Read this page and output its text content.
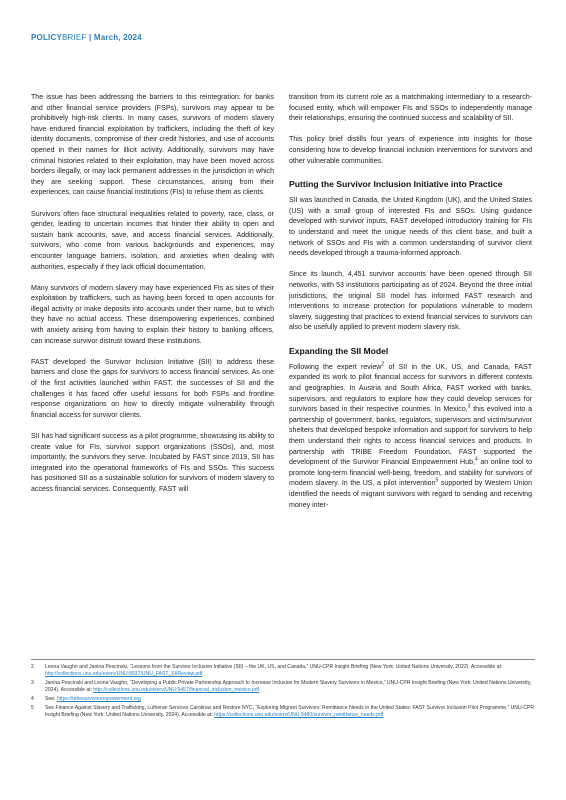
POLICYBRIEF | March, 2024

The issue has been addressing the barriers to this reintegration: for banks and other financial service providers (FSPs), survivors may appear to be prohibitively high-risk clients. In many cases, survivors of modern slavery have endured financial exploitation by traffickers, including the theft of key identity documents, compromise of their credit histories, and use of accounts opened in their names for illicit activity. Additionally, survivors may have criminal histories related to their exploitation, may have been moved across borders illegally, or may lack permanent addresses in the jurisdiction in which they are seeking support. These circumstances, arising from their experiences, can cause financial institutions (FIs) to refuse them as clients.

Survivors often face structural inequalities related to poverty, race, class, or gender, leading to uncertain incomes that hinder their ability to open and sustain bank accounts, save, and access financial services. Additionally, survivors, who come from various backgrounds and experiences, may encounter language barriers, isolation, and anxieties when dealing with authorities, especially if they lack official documentation.

Many survivors of modern slavery may have experienced FIs as sites of their exploitation by traffickers, such as having been forced to open accounts for illegal activity or make deposits into accounts under their name, but to which they have no actual access. These disempowering experiences, combined with anxiety arising from having to explain their history to banking officers, can increase survivor distrust toward these institutions.

FAST developed the Survivor Inclusion Initiative (SII) to address these barriers and close the gaps for survivors to access financial services. As one of the first activities launched within FAST, the successes of SII and the challenges it has faced offer useful lessons for both FSPs and frontline response organizations on how to directly mitigate vulnerability through financial access for survivor clients.

SII has had significant success as a pilot programme, showcasing its ability to create value for FIs, survivor support organizations (SSOs), and, most importantly, the survivors they serve. Incubated by FAST since 2019, SII has integrated into the operational frameworks of FIs and SSOs. This success has positioned SII as a sustainable solution for survivors of modern slavery to access financial services. Consequently, FAST will

transition from its current role as a matchmaking intermediary to a research-focused entity, which will empower FIs and SSOs to independently manage their relationships, ensuring the continued success and scalability of SII.

This policy brief distills four years of experience into insights for those considering how to develop financial inclusion interventions for survivors and other vulnerable communities.

Putting the Survivor Inclusion Initiative into Practice

SII was launched in Canada, the United Kingdom (UK), and the United States (US) with a small group of interested FIs and SSOs. Using guidance developed with survivor inputs, FAST developed introductory training for FIs to understand and meet the unique needs of this client base, and built a network of SSOs and FIs with a common understanding of survivor client needs developed through a trauma-informed approach.

Since its launch, 4,451 survivor accounts have been opened through SII networks, with 53 institutions participating as of 2024. Beyond the three initial jurisdictions, the original SII model has informed FAST research and interventions to increase protection for populations vulnerable to modern slavery, suggesting that practices to extend financial services to survivors can also be usefully applied to prevent modern slavery risk.

Expanding the SII Model

Following the expert review$^2$ of SII in the UK, US, and Canada, FAST expanded its work to pilot financial access for survivors in different contexts and geographies. In Austria and South Africa, FAST worked with banks, supervisors, and regulators to explore how they could develop services for survivors based in their respective countries. In Mexico,$^3$ this evolved into a partnership of government, banks, regulators, supervisors and victim/survivor shelters that developed bespoke information and support for survivors to help them understand their rights to access financial services and products. In partnership with TRIBE Freedom Foundation, FAST supported the development of the Survivor Financial Empowerment Hub,$^4$ an online tool to promote long-term financial well-being, freedom, and stability for survivors of modern slavery. In the US, a pilot intervention$^5$ supported by Western Union identified the needs of migrant survivors with regard to sending and receiving money inter-

2	Leona Vaughn and Janina Pescinski, “Lessons from the Survivor Inclusion Initiative (SII) – the UK, US, and Canada,” UNU-CPR Insight Briefing (New York: United Nations University, 2022). Accessible at: http://collections.unu.edu/eserv/UNU:8937/UNU_FAST_SIIReview.pdf
3	Janina Pescinski and Leona Vaughn, “Developing a Public Private Partnership Approach to Increase Inclusion for Modern Slavery Survivors in Mexico,” UNU-CPR Insight Briefing (New York: United Nations University, 2024). Accessible at: http://collections.unu.edu/eserv/UNU:9457/financial_inclusion_mexico.pdf
4	See: https://tribesurvivorempowerment.org
5	See Finance Against Slavery and Trafficking, Lutheran Services Carolinas and Restore NYC, “Exploring Migrant Survivors’ Remittance Needs in the United States: FAST Survivor Inclusion Pilot Programme,” UNU-CPR Insight Briefing (New York: United Nations University, 2024). Accessible at: https://collections.unu.edu/eserv/UNU:9480/survivor_remittance_needs.pdf
